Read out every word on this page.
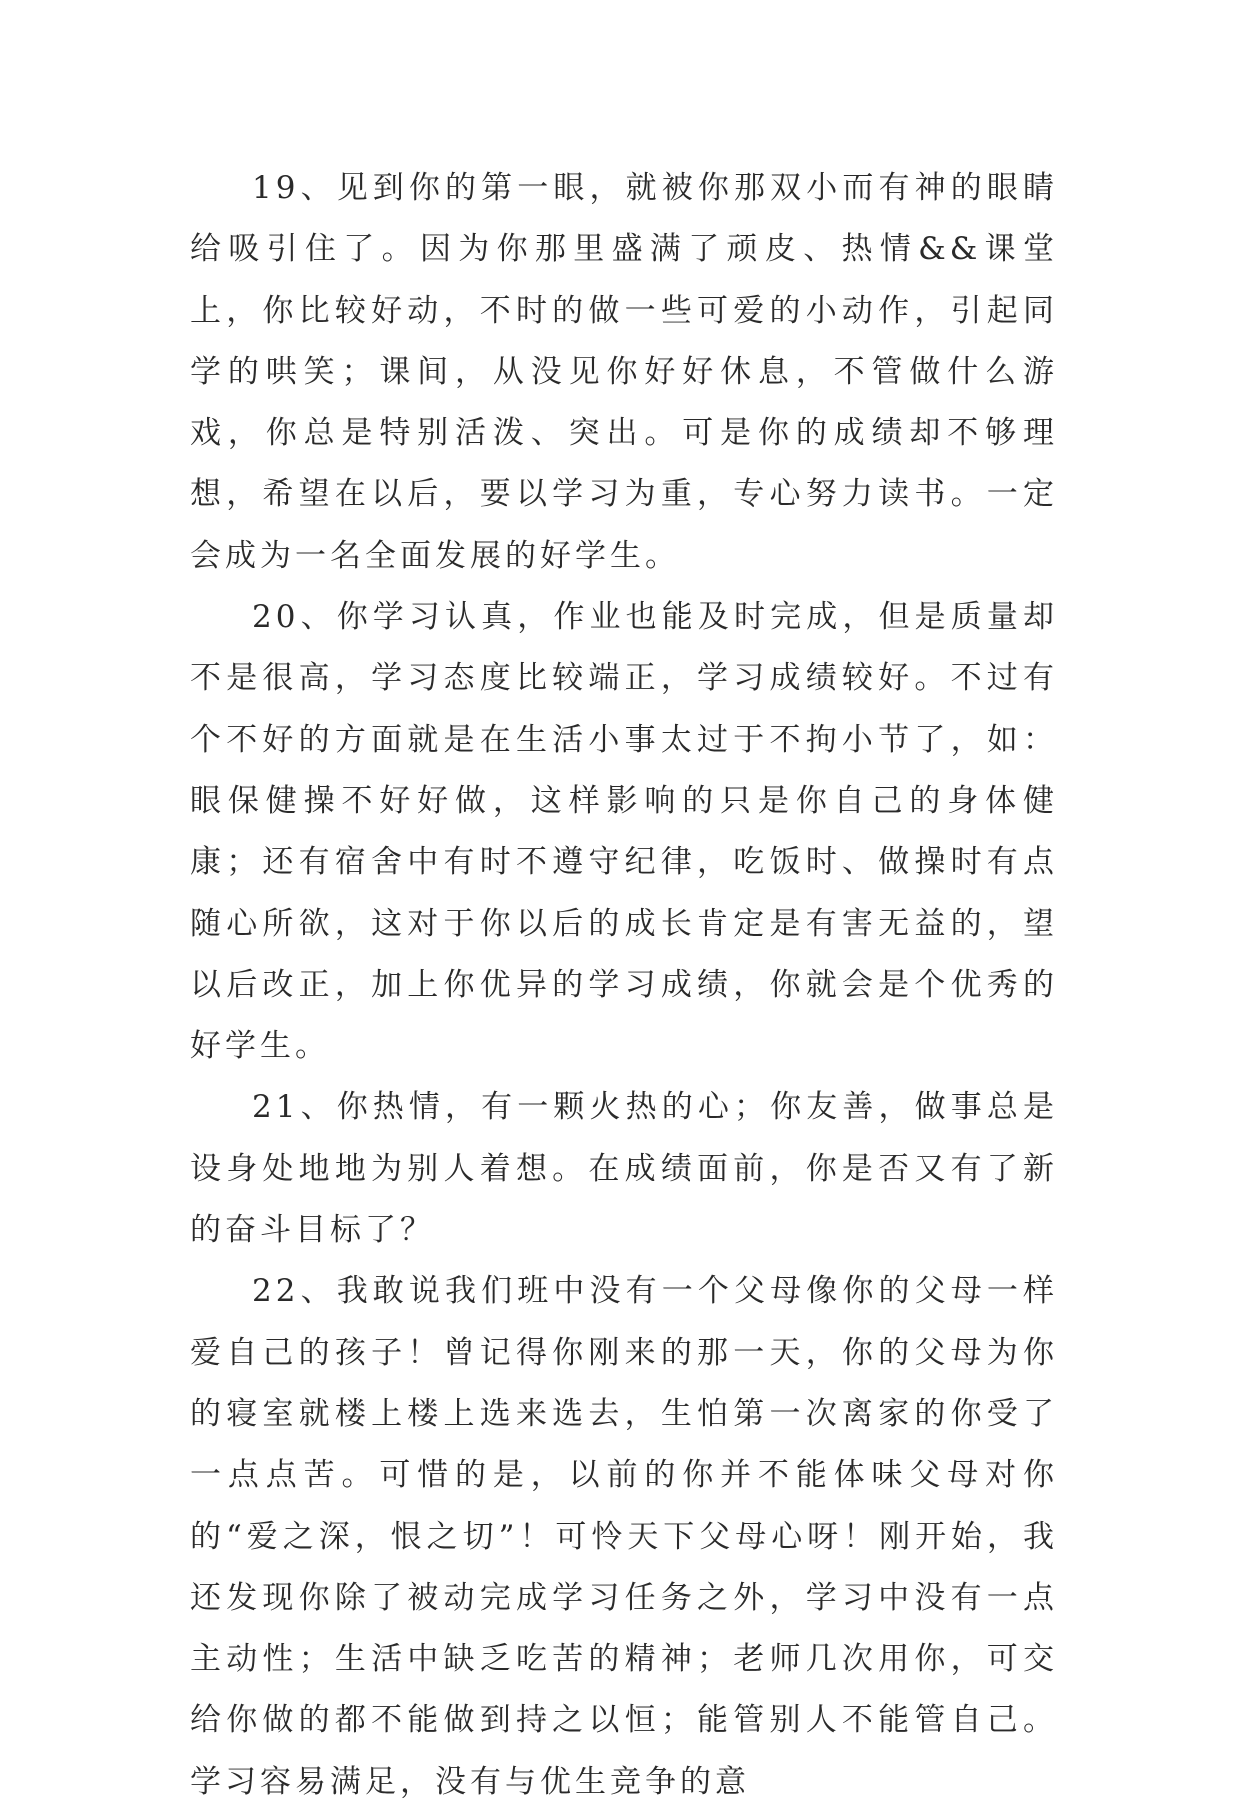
19、见到你的第一眼，就被你那双小而有神的眼睛给吸引住了。因为你那里盛满了顽皮、热情&&课堂上，你比较好动，不时的做一些可爱的小动作，引起同学的哄笑；课间，从没见你好好休息，不管做什么游戏，你总是特别活泼、突出。可是你的成绩却不够理想，希望在以后，要以学习为重，专心努力读书。一定会成为一名全面发展的好学生。

20、你学习认真，作业也能及时完成，但是质量却不是很高，学习态度比较端正，学习成绩较好。不过有个不好的方面就是在生活小事太过于不拘小节了，如：眼保健操不好好做，这样影响的只是你自己的身体健康；还有宿舍中有时不遵守纪律，吃饭时、做操时有点随心所欲，这对于你以后的成长肯定是有害无益的，望以后改正，加上你优异的学习成绩，你就会是个优秀的好学生。

21、你热情，有一颗火热的心；你友善，做事总是设身处地地为别人着想。在成绩面前，你是否又有了新的奋斗目标了？

22、我敢说我们班中没有一个父母像你的父母一样爱自己的孩子！曾记得你刚来的那一天，你的父母为你的寝室就楼上楼上选来选去，生怕第一次离家的你受了一点点苦。可惜的是，以前的你并不能体味父母对你的“爱之深，恨之切”！可怜天下父母心呀！刚开始，我还发现你除了被动完成学习任务之外，学习中没有一点主动性；生活中缺乏吃苦的精神；老师几次用你，可交给你做的都不能做到持之以恒；能管别人不能管自己。学习容易满足，没有与优生竞争的意
